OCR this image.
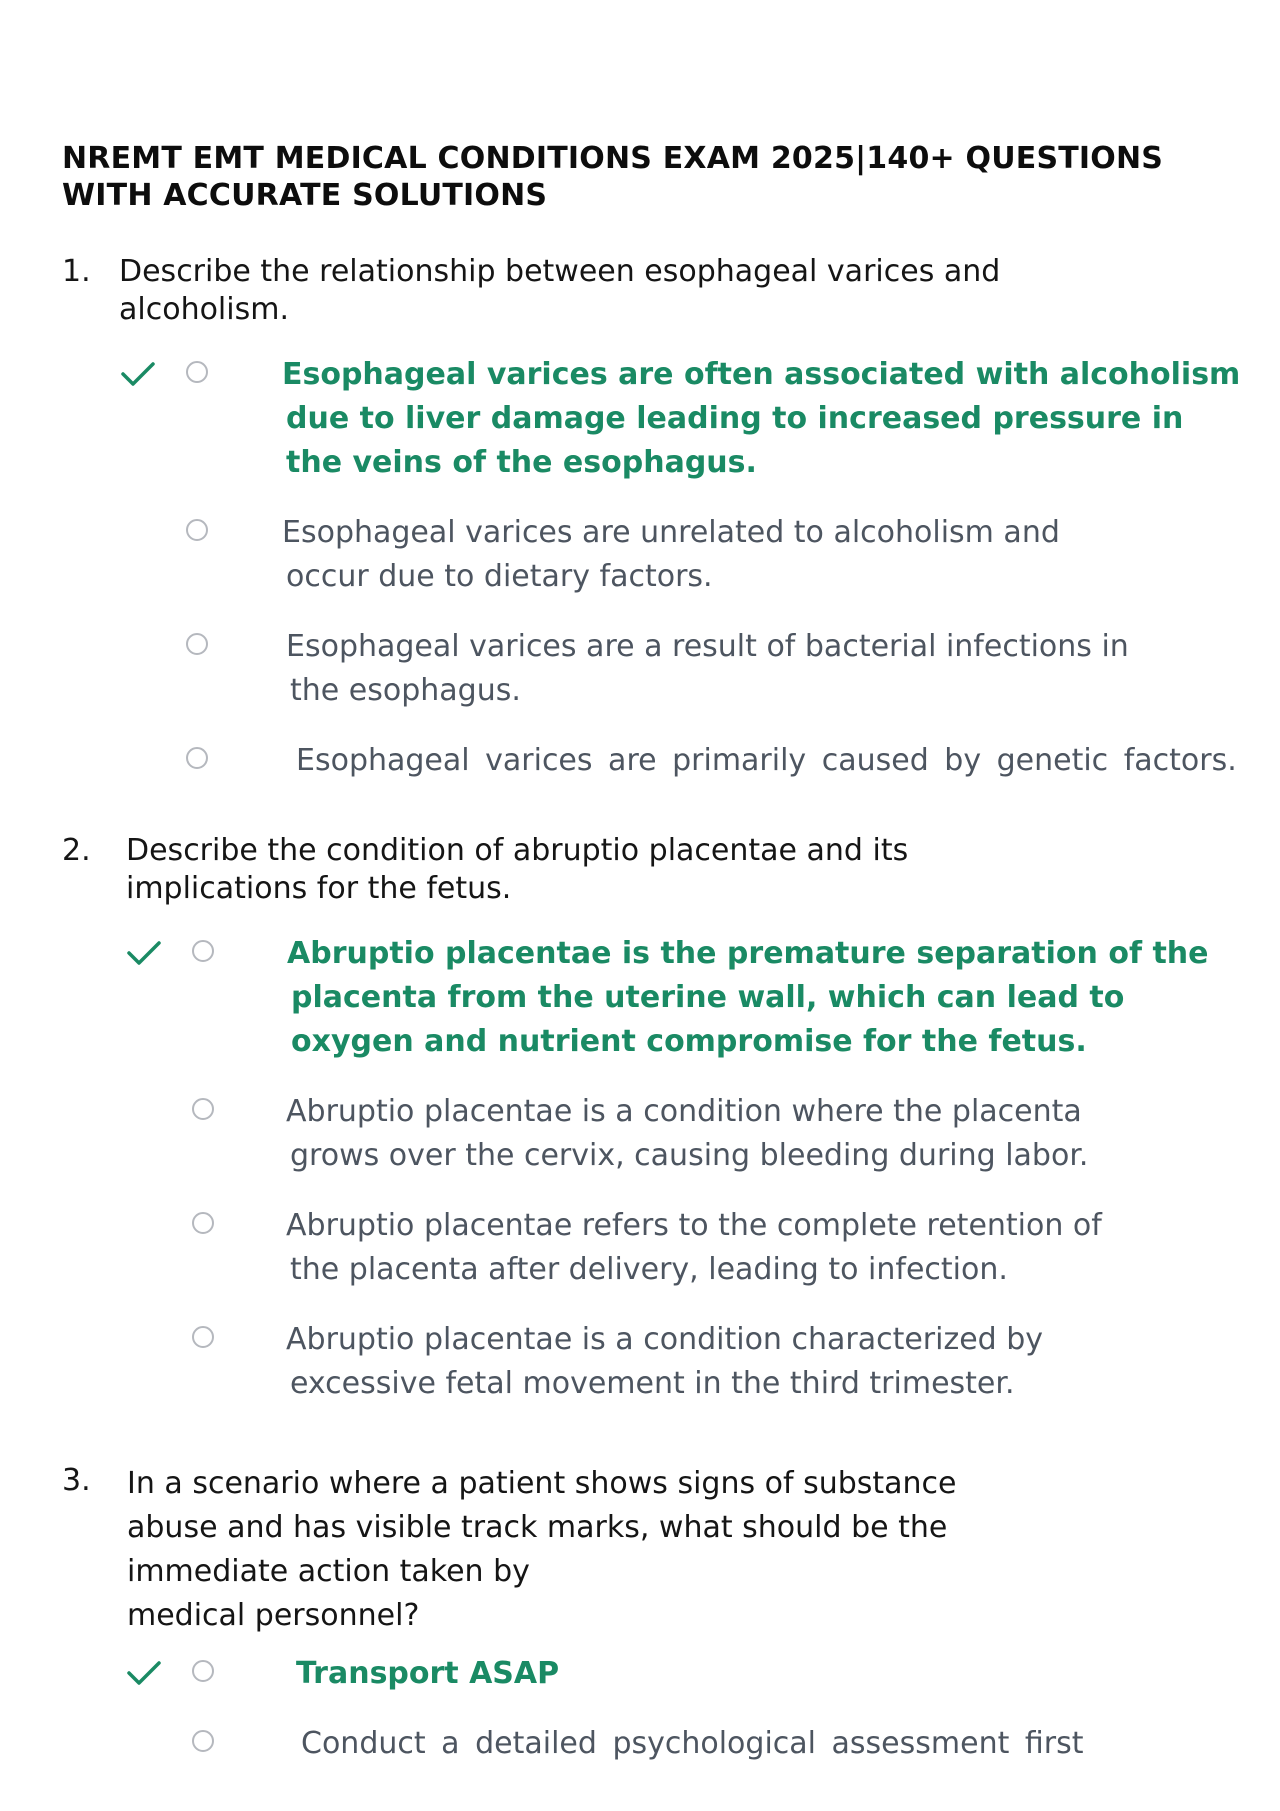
NREMT EMT MEDICAL CONDITIONS EXAM 2025|140+ QUESTIONS WITH ACCURATE SOLUTIONS
1. Describe the relationship between esophageal varices and
alcoholism.
Esophageal varices are often associated with alcoholism
due to liver damage leading to increased pressure in
the veins of the esophagus.
Esophageal varices are unrelated to alcoholism and
occur due to dietary factors.
Esophageal varices are a result of bacterial infections in
the esophagus.
Esophageal varices are primarily caused by genetic factors.
2. Describe the condition of abruptio placentae and its
implications for the fetus.
Abruptio placentae is the premature separation of the
placenta from the uterine wall, which can lead to
oxygen and nutrient compromise for the fetus.
Abruptio placentae is a condition where the placenta
grows over the cervix, causing bleeding during labor.
Abruptio placentae refers to the complete retention of
the placenta after delivery, leading to infection.
Abruptio placentae is a condition characterized by
excessive fetal movement in the third trimester.
3. In a scenario where a patient shows signs of substance
abuse and has visible track marks, what should be the
immediate action taken by
medical personnel?
Transport ASAP
Conduct a detailed psychological assessment first
